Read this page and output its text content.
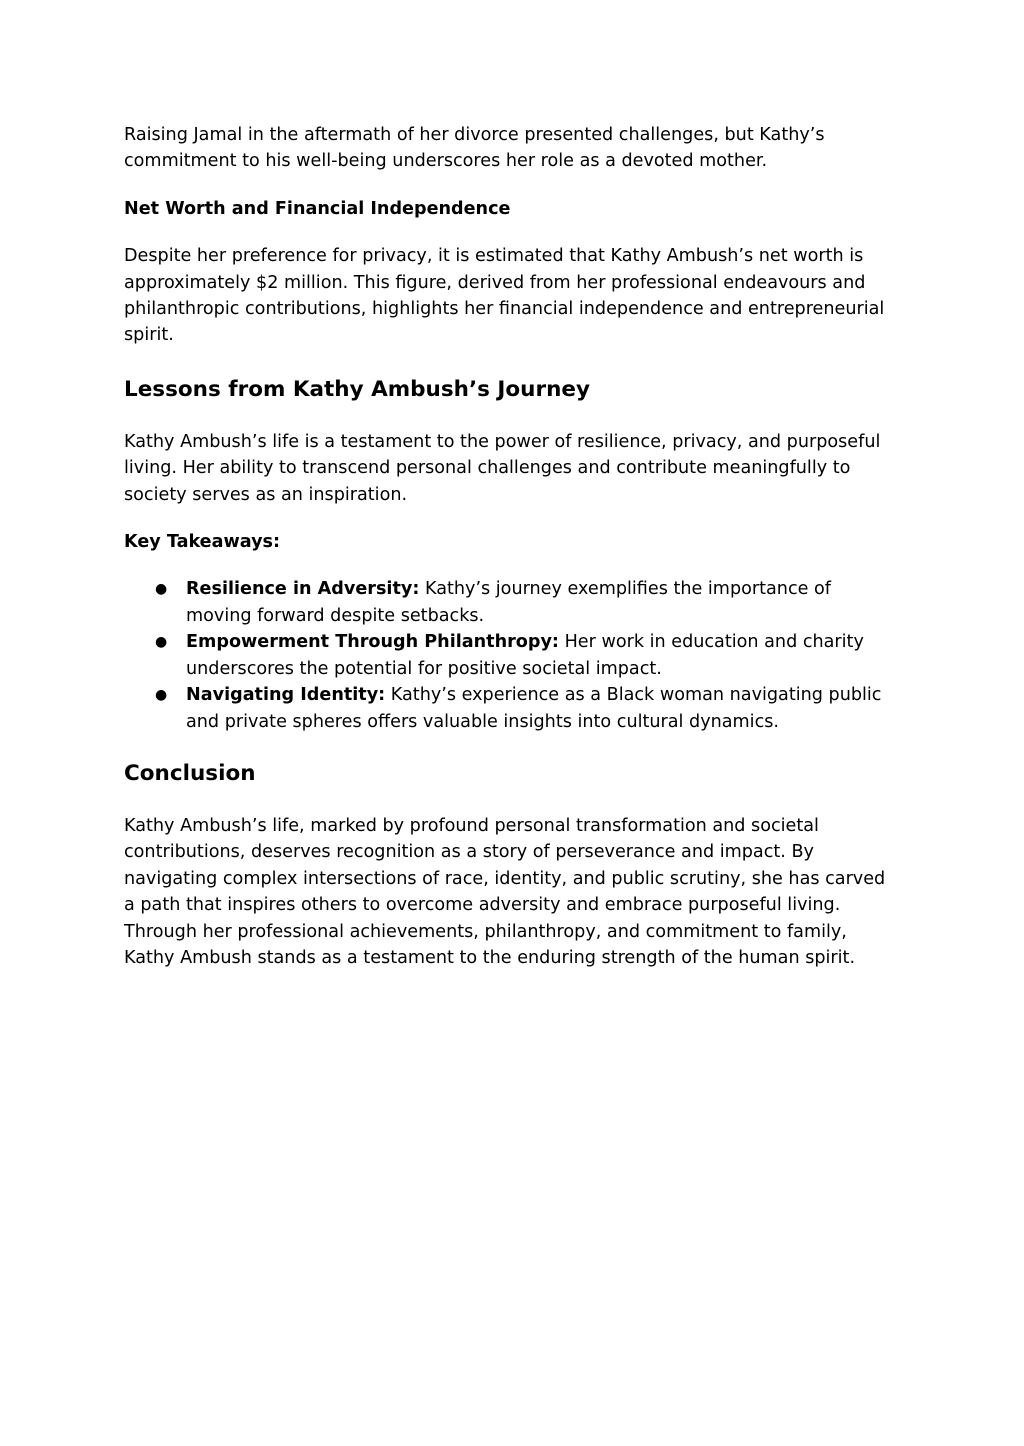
Raising Jamal in the aftermath of her divorce presented challenges, but Kathy’s commitment to his well-being underscores her role as a devoted mother.

Net Worth and Financial Independence

Despite her preference for privacy, it is estimated that Kathy Ambush’s net worth is approximately $2 million. This figure, derived from her professional endeavours and philanthropic contributions, highlights her financial independence and entrepreneurial spirit.

Lessons from Kathy Ambush’s Journey

Kathy Ambush’s life is a testament to the power of resilience, privacy, and purposeful living. Her ability to transcend personal challenges and contribute meaningfully to society serves as an inspiration.

Key Takeaways:
● Resilience in Adversity: Kathy’s journey exemplifies the importance of moving forward despite setbacks.
● Empowerment Through Philanthropy: Her work in education and charity underscores the potential for positive societal impact.
● Navigating Identity: Kathy’s experience as a Black woman navigating public and private spheres offers valuable insights into cultural dynamics.
Conclusion

Kathy Ambush’s life, marked by profound personal transformation and societal contributions, deserves recognition as a story of perseverance and impact. By navigating complex intersections of race, identity, and public scrutiny, she has carved a path that inspires others to overcome adversity and embrace purposeful living. Through her professional achievements, philanthropy, and commitment to family, Kathy Ambush stands as a testament to the enduring strength of the human spirit.
